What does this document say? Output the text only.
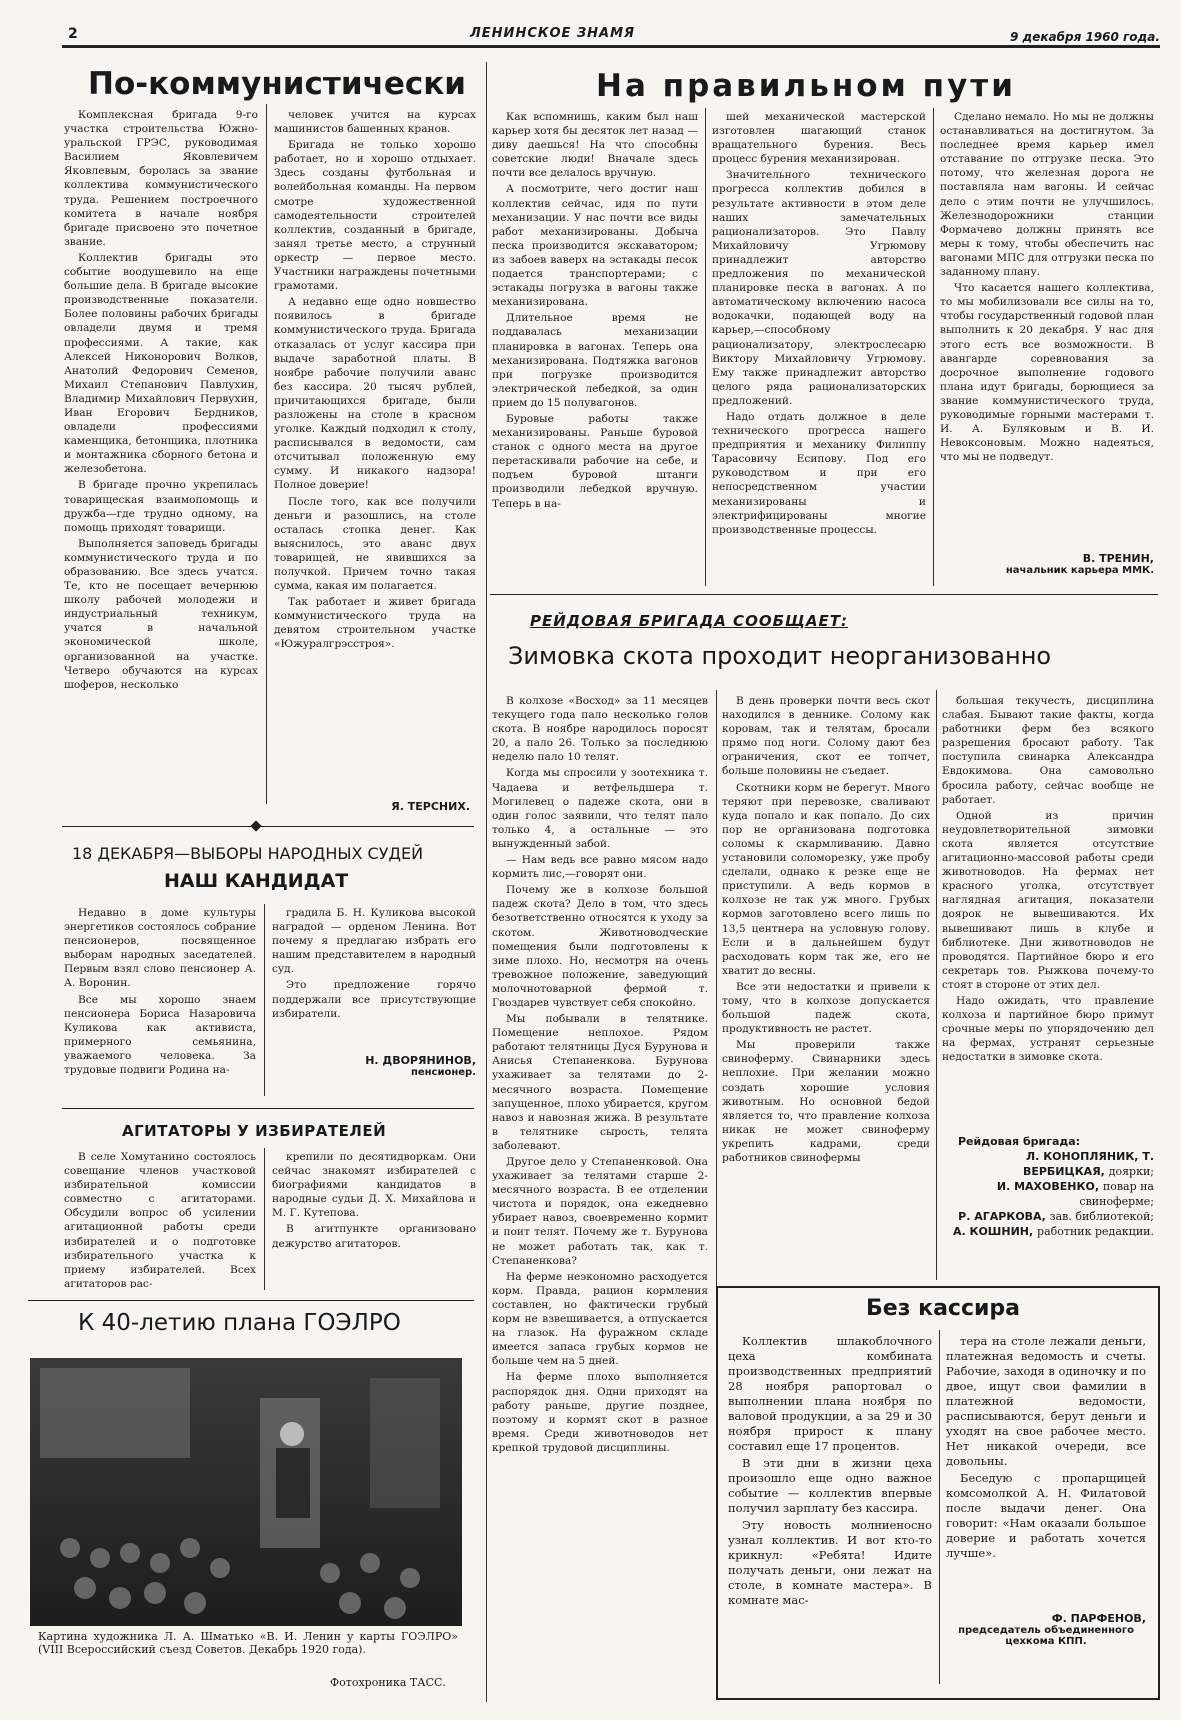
2	ЛЕНИНСКОЕ ЗНАМЯ	9 декабря 1960 года.
По-коммунистически

Комплексная бригада 9-го участка строительства Южно-уральской ГРЭС, руководимая Василием Яковлевичем Яковлевым, боролась за звание коллектива коммунистического труда. Решением построечного комитета в начале ноября бригаде присвоено это почетное звание.

Коллектив бригады это событие воодушевило на еще большие дела. В бригаде высокие производственные показатели. Более половины рабочих бригады овладели двумя и тремя профессиями. А такие, как Алексей Никонорович Волков, Анатолий Федорович Семенов, Михаил Степанович Павлухин, Владимир Михайлович Первухин, Иван Егорович Бердников, овладели профессиями каменщика, бетонщика, плотника и монтажника сборного бетона и железобетона.

В бригаде прочно укрепилась товарищеская взаимопомощь и дружба—где трудно одному, на помощь приходят товарищи.

Выполняется заповедь бригады коммунистического труда и по образованию. Все здесь учатся. Те, кто не посещает вечернюю школу рабочей молодежи и индустриальный техникум, учатся в начальной экономической школе, организованной на участке. Четверо обучаются на курсах шоферов, несколько

человек учится на курсах машинистов башенных кранов.

Бригада не только хорошо работает, но и хорошо отдыхает. Здесь созданы футбольная и волейбольная команды. На первом смотре художественной самодеятельности строителей коллектив, созданный в бригаде, занял третье место, а струнный оркестр — первое место. Участники награждены почетными грамотами.

А недавно еще одно новшество появилось в бригаде коммунистического труда. Бригада отказалась от услуг кассира при выдаче заработной платы. В ноябре рабочие получили аванс без кассира. 20 тысяч рублей, причитающихся бригаде, были разложены на столе в красном уголке. Каждый подходил к столу, расписывался в ведомости, сам отсчитывал положенную ему сумму. И никакого надзора! Полное доверие!

После того, как все получили деньги и разошлись, на столе осталась стопка денег. Как выяснилось, это аванс двух товарищей, не явившихся за получкой. Причем точно такая сумма, какая им полагается.

Так работает и живет бригада коммунистического труда на девятом строительном участке «Южуралгрэсстроя».

Я. ТЕРСНИХ.
18 ДЕКАБРЯ—ВЫБОРЫ НАРОДНЫХ СУДЕЙ
НАШ КАНДИДАТ

Недавно в доме культуры энергетиков состоялось собрание пенсионеров, посвященное выборам народных заседателей. Первым взял слово пенсионер А. А. Воронин.

Все мы хорошо знаем пенсионера Бориса Назаровича Куликова как активиста, примерного семьянина, уважаемого человека. За трудовые подвиги Родина на-

градила Б. Н. Куликова высокой наградой — орденом Ленина. Вот почему я предлагаю избрать его нашим представителем в народный суд.

Это предложение горячо поддержали все присутствующие избиратели.

Н. ДВОРЯНИНОВ,
пенсионер.
АГИТАТОРЫ У ИЗБИРАТЕЛЕЙ

В селе Хомутанино состоялось совещание членов участковой избирательной комиссии совместно с агитаторами. Обсудили вопрос об усилении агитационной работы среди избирателей и о подготовке избирательного участка к приему избирателей. Всех агитаторов рас-

крепили по десятидворкам. Они сейчас знакомят избирателей с биографиями кандидатов в народные судьи Д. Х. Михайлова и М. Г. Кутепова.

В агитпункте организовано дежурство агитаторов.

К 40-летию плана ГОЭЛРО
Картина художника Л. А. Шматько «В. И. Ленин у карты ГОЭЛРО» (VIII Всероссийский съезд Советов. Декабрь 1920 года).
Фотохроника ТАСС.
На правильном пути

Как вспомнишь, каким был наш карьер хотя бы десяток лет назад —диву даешься! На что способны советские люди! Вначале здесь почти все делалось вручную.

А посмотрите, чего достиг наш коллектив сейчас, идя по пути механизации. У нас почти все виды работ механизированы. Добыча песка производится экскаватором; из забоев ваверх на эстакады песок подается транспортерами; с эстакады погрузка в вагоны также механизирована.

Длительное время не поддавалась механизации планировка в вагонах. Теперь она механизирована. Подтяжка вагонов при погрузке производится электрической лебедкой, за один прием до 15 полувагонов.

Буровые работы также механизированы. Раньше буровой станок с одного места на другое перетаскивали рабочие на себе, и подъем буровой штанги производили лебедкой вручную. Теперь в на-

шей механической мастерской изготовлен шагающий станок вращательного бурения. Весь процесс бурения механизирован.

Значительного технического прогресса коллектив добился в результате активности в этом деле наших замечательных рационализаторов. Это Павлу Михайловичу Угрюмову принадлежит авторство предложения по механической планировке песка в вагонах. А по автоматическому включению насоса водокачки, подающей воду на карьер,—способному рационализатору, электрослесарю Виктору Михайловичу Угрюмову. Ему также принадлежит авторство целого ряда рационализаторских предложений.

Надо отдать должное в деле технического прогресса нашего предприятия и механику Филиппу Тарасовичу Есипову. Под его руководством и при его непосредственном участии механизированы и электрифицированы многие производственные процессы.

Сделано немало. Но мы не должны останавливаться на достигнутом. За последнее время карьер имел отставание по отгрузке песка. Это потому, что железная дорога не поставляла нам вагоны. И сейчас дело с этим почти не улучшилось. Железнодорожники станции Формачево должны принять все меры к тому, чтобы обеспечить нас вагонами МПС для отгрузки песка по заданному плану.

Что касается нашего коллектива, то мы мобилизовали все силы на то, чтобы государственный годовой план выполнить к 20 декабря. У нас для этого есть все возможности. В авангарде соревнования за досрочное выполнение годового плана идут бригады, борющиеся за звание коммунистического труда, руководимые горными мастерами т. И. А. Буляковым и В. И. Невоксоновым. Можно надеяться, что мы не подведут.

В. ТРЕНИН,
начальник карьера ММК.
РЕЙДОВАЯ БРИГАДА СООБЩАЕТ:
Зимовка скота проходит неорганизованно

В колхозе «Восход» за 11 месяцев текущего года пало несколько голов скота. В ноябре народилось поросят 20, а пало 26. Только за последнюю неделю пало 10 телят.

Когда мы спросили у зоотехника т. Чадаева и ветфельдшера т. Могилевец о падеже скота, они в один голос заявили, что телят пало только 4, а остальные — это вынужденный забой.

— Нам ведь все равно мясом надо кормить лис,—говорят они.

Почему же в колхозе большой падеж скота? Дело в том, что здесь безответственно относятся к уходу за скотом. Животноводческие помещения были подготовлены к зиме плохо. Но, несмотря на очень тревожное положение, заведующий молочнотоварной фермой т. Гвоздарев чувствует себя спокойно.

Мы побывали в телятнике. Помещение неплохое. Рядом работают телятницы Дуся Бурунова и Анисья Степаненкова. Бурунова ухаживает за телятами до 2-месячного возраста. Помещение запущенное, плохо убирается, кругом навоз и навозная жижа. В результате в телятнике сырость, телята заболевают.

Другое дело у Степаненковой. Она ухаживает за телятами старше 2-месячного возраста. В ее отделении чистота и порядок, она ежедневно убирает навоз, своевременно кормит и поит телят. Почему же т. Бурунова не может работать так, как т. Степаненкова?

На ферме неэкономно расходуется корм. Правда, рацион кормления составлен, но фактически грубый корм не взвешивается, а отпускается на глазок. На фуражном складе имеется запаса грубых кормов не больше чем на 5 дней.

На ферме плохо выполняется распорядок дня. Одни приходят на работу раньше, другие позднее, поэтому и кормят скот в разное время. Среди животноводов нет крепкой трудовой дисциплины.

В день проверки почти весь скот находился в деннике. Солому как коровам, так и телятам, бросали прямо под ноги. Солому дают без ограничения, скот ее топчет, больше половины не съедает.

Скотники корм не берегут. Много теряют при перевозке, сваливают куда попало и как попало. До сих пор не организована подготовка соломы к скармливанию. Давно установили соломорезку, уже пробу сделали, однако к резке еще не приступили. А ведь кормов в колхозе не так уж много. Грубых кормов заготовлено всего лишь по 13,5 центнера на условную голову. Если и в дальнейшем будут расходовать корм так же, его не хватит до весны.

Все эти недостатки и привели к тому, что в колхозе допускается большой падеж скота, продуктивность не растет.

Мы проверили также свиноферму. Свинарники здесь неплохие. При желании можно создать хорошие условия животным. Но основной бедой является то, что правление колхоза никак не может свиноферму укрепить кадрами, среди работников свинофермы

большая текучесть, дисциплина слабая. Бывают такие факты, когда работники ферм без всякого разрешения бросают работу. Так поступила свинарка Александра Евдокимова. Она самовольно бросила работу, сейчас вообще не работает.

Одной из причин неудовлетворительной зимовки скота является отсутствие агитационно-массовой работы среди животноводов. На фермах нет красного уголка, отсутствует наглядная агитация, показатели доярок не вывешиваются. Их вывешивают лишь в клубе и библиотеке. Дни животноводов не проводятся. Партийное бюро и его секретарь тов. Рыжкова почему-то стоят в стороне от этих дел.

Надо ожидать, что правление колхоза и партийное бюро примут срочные меры по упорядочению дел на фермах, устранят серьезные недостатки в зимовке скота.

Рейдовая бригада:
Л. КОНОПЛЯНИК, Т. ВЕРБИЦКАЯ, доярки;
И. МАХОВЕНКО, повар на свиноферме;
Р. АГАРКОВА, зав. библиотекой;
А. КОШНИН, работник редакции.
Без кассира

Коллектив шлакоблочного цеха комбината производственных предприятий 28 ноября рапортовал о выполнении плана ноября по валовой продукции, а за 29 и 30 ноября прирост к плану составил еще 17 процентов.

В эти дни в жизни цеха произошло еще одно важное событие — коллектив впервые получил зарплату без кассира.

Эту новость молниеносно узнал коллектив. И вот кто-то крикнул: «Ребята! Идите получать деньги, они лежат на столе, в комнате мастера». В комнате мас-

тера на столе лежали деньги, платежная ведомость и счеты. Рабочие, заходя в одиночку и по двое, ищут свои фамилии в платежной ведомости, расписываются, берут деньги и уходят на свое рабочее место. Нет никакой очереди, все довольны.

Беседую с пропарщицей комсомолкой А. Н. Филатовой после выдачи денег. Она говорит: «Нам оказали большое доверие и работать хочется лучше».

Ф. ПАРФЕНОВ,
председатель объединенного цехкома КПП.
